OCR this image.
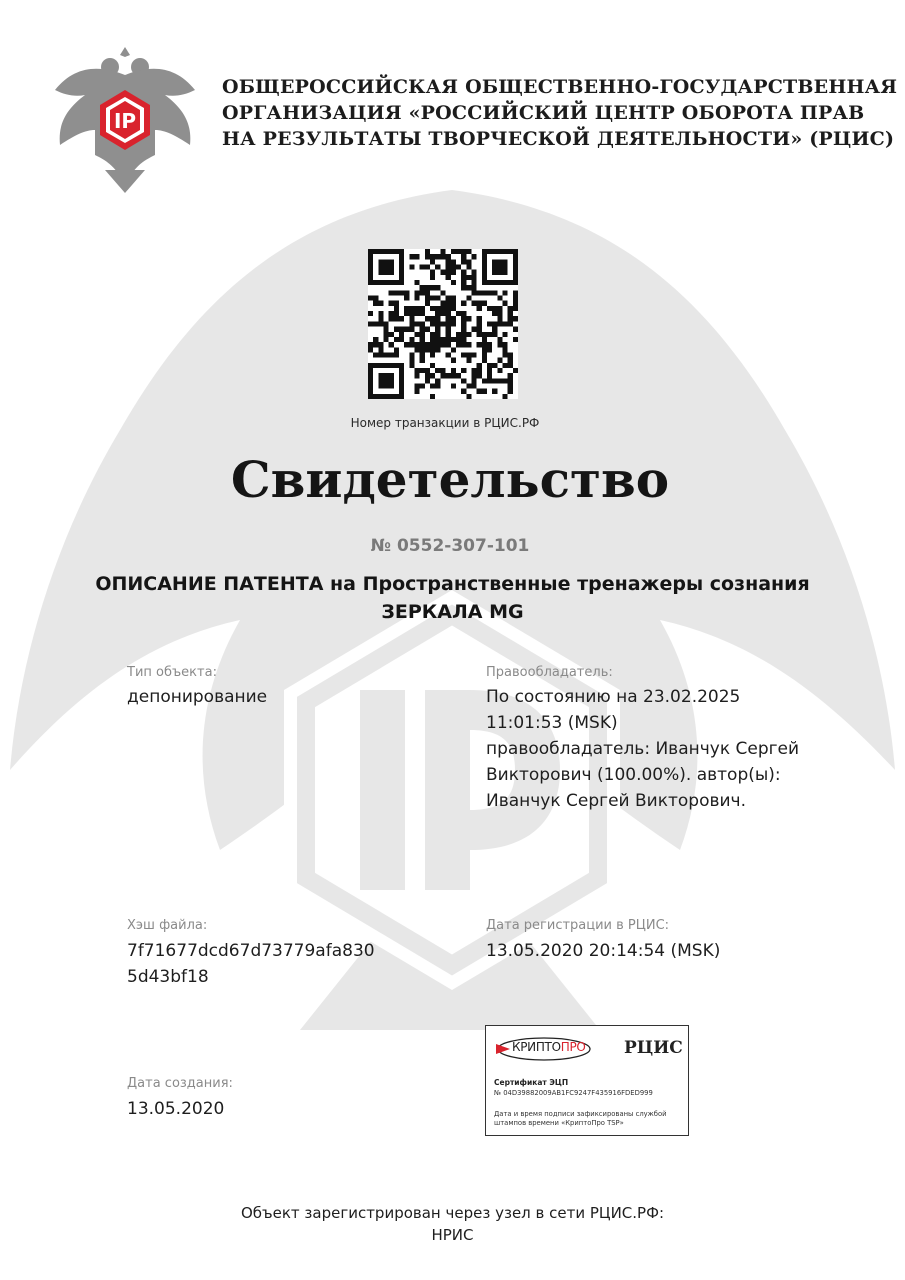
IP
ОБЩЕРОССИЙСКАЯ ОБЩЕСТВЕННО-ГОСУДАРСТВЕННАЯ
ОРГАНИЗАЦИЯ «РОССИЙСКИЙ ЦЕНТР ОБОРОТА ПРАВ
НА РЕЗУЛЬТАТЫ ТВОРЧЕСКОЙ ДЕЯТЕЛЬНОСТИ» (РЦИС)
Номер транзакции в РЦИС.РФ
Свидетельство
№ 0552-307-101
ОПИСАНИЕ ПАТЕНТА на Пространственные тренажеры сознания
ЗЕРКАЛА MG
Тип объекта:
депонирование
Правообладатель:
По состоянию на 23.02.2025
11:01:53 (MSK)
правообладатель: Иванчук Сергей
Викторович (100.00%). автор(ы):
Иванчук Сергей Викторович.
Хэш файла:
7f71677dcd67d73779afa830
5d43bf18
Дата регистрации в РЦИС:
13.05.2020 20:14:54 (MSK)
Дата создания:
13.05.2020
КРИПТОПРО РЦИС
Сертификат ЭЦП
№ 04D39882009AB1FC9247F435916FDED999
Дата и время подписи зафиксированы службой
штампов времени «КриптоПро TSP»
Объект зарегистрирован через узел в сети РЦИС.РФ:
НРИС
